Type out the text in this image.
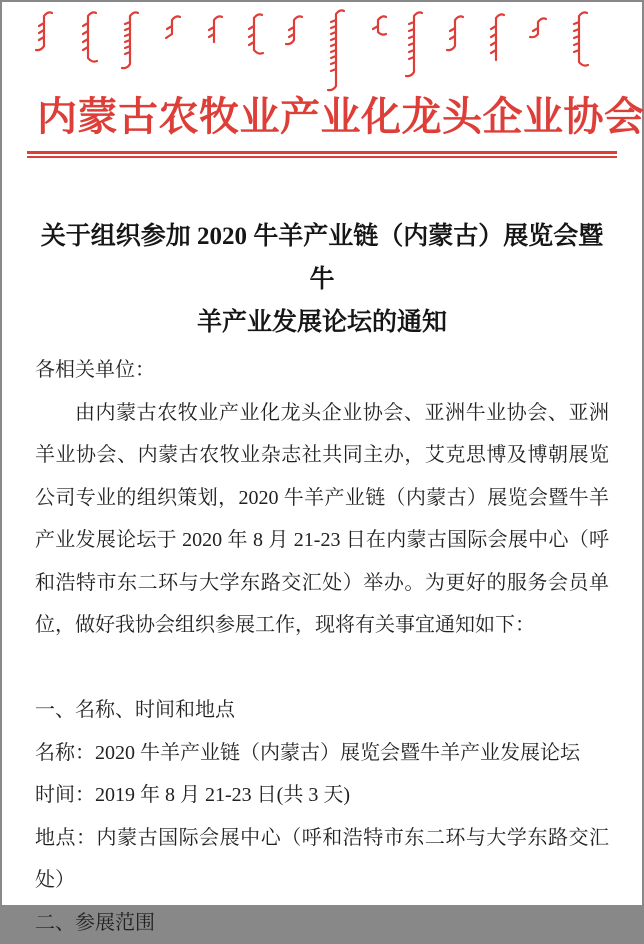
内蒙古农牧业产业化龙头企业协会
关于组织参加 2020 牛羊产业链（内蒙古）展览会暨牛
羊产业发展论坛的通知

各相关单位：

由内蒙古农牧业产业化龙头企业协会、亚洲牛业协会、亚洲羊业协会、内蒙古农牧业杂志社共同主办，艾克思博及博朝展览公司专业的组织策划，2020 牛羊产业链（内蒙古）展览会暨牛羊产业发展论坛于 2020 年 8 月 21-23 日在内蒙古国际会展中心（呼和浩特市东二环与大学东路交汇处）举办。为更好的服务会员单位，做好我协会组织参展工作，现将有关事宜通知如下：

一、名称、时间和地点

名称：2020 牛羊产业链（内蒙古）展览会暨牛羊产业发展论坛

时间：2019 年 8 月 21-23 日(共 3 天)

地点：内蒙古国际会展中心（呼和浩特市东二环与大学东路交汇处）

二、参展范围
